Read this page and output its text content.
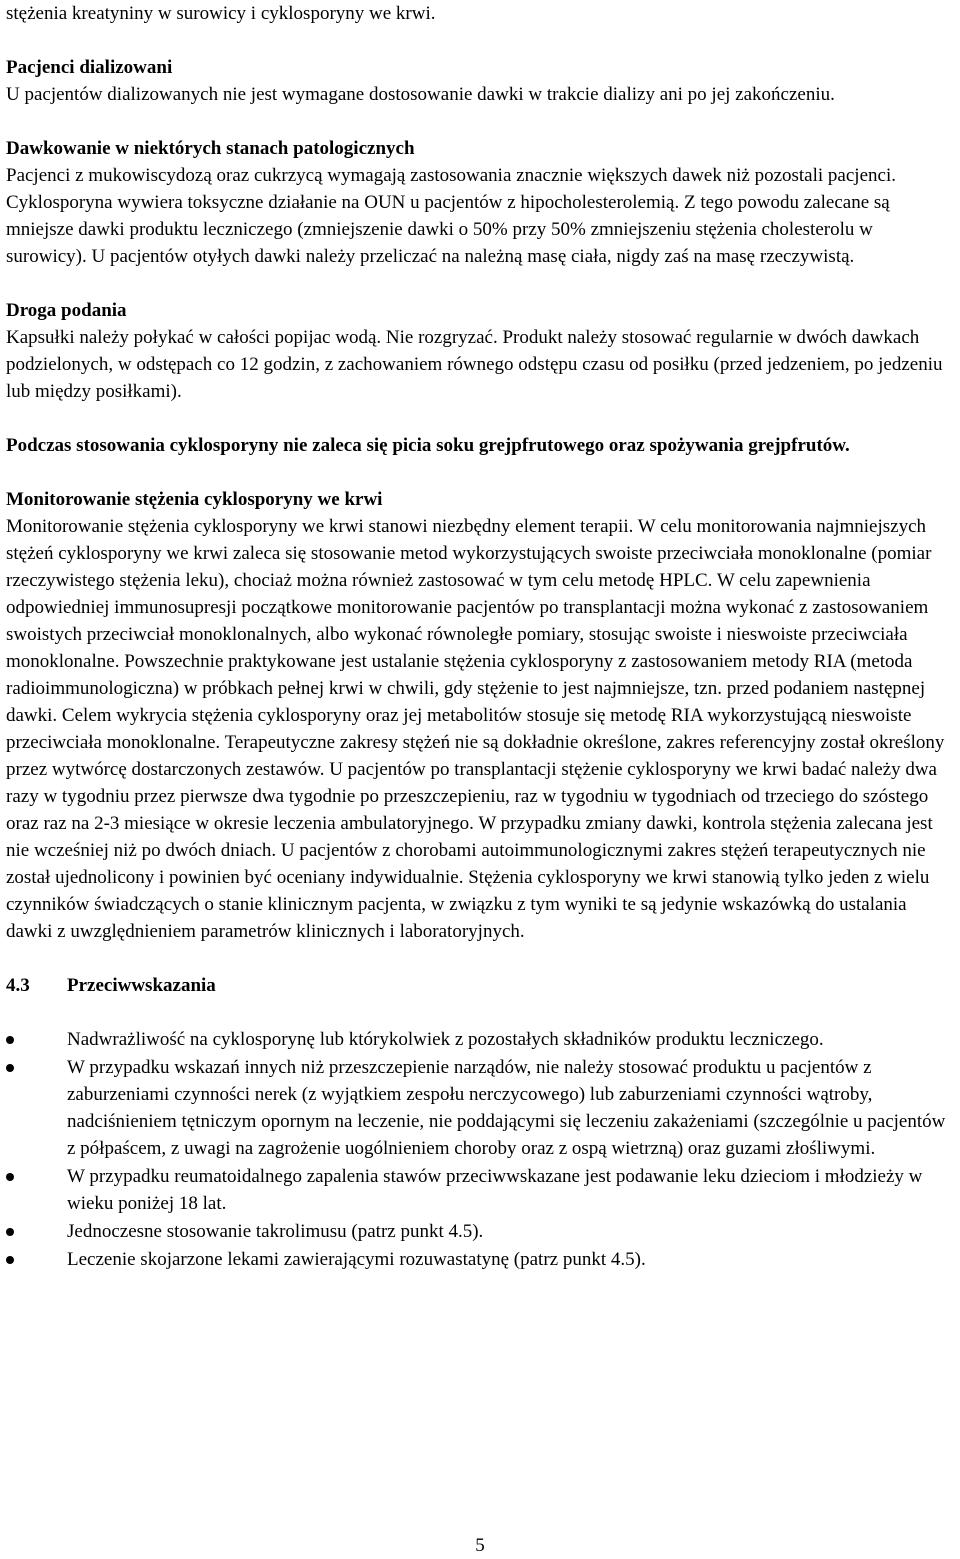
stężenia kreatyniny w surowicy i cyklosporyny we krwi.

Pacjenci dializowani

U pacjentów dializowanych nie jest wymagane dostosowanie dawki w trakcie dializy ani po jej zakończeniu.

Dawkowanie w niektórych stanach patologicznych

Pacjenci z mukowiscydozą oraz cukrzycą wymagają zastosowania znacznie większych dawek niż pozostali pacjenci.

Cyklosporyna wywiera toksyczne działanie na OUN u pacjentów z hipocholesterolemią. Z tego powodu zalecane są mniejsze dawki produktu leczniczego (zmniejszenie dawki o 50% przy 50% zmniejszeniu stężenia cholesterolu w surowicy). U pacjentów otyłych dawki należy przeliczać na należną masę ciała, nigdy zaś na masę rzeczywistą.

Droga podania

Kapsułki należy połykać w całości popijac wodą. Nie rozgryzać. Produkt należy stosować regularnie w dwóch dawkach podzielonych, w odstępach co 12 godzin, z zachowaniem równego odstępu czasu od posiłku (przed jedzeniem, po jedzeniu lub między posiłkami).

Podczas stosowania cyklosporyny nie zaleca się picia soku grejpfrutowego oraz spożywania grejpfrutów.

Monitorowanie stężenia cyklosporyny we krwi

Monitorowanie stężenia cyklosporyny we krwi stanowi niezbędny element terapii. W celu monitorowania najmniejszych stężeń cyklosporyny we krwi zaleca się stosowanie metod wykorzystujących swoiste przeciwciała monoklonalne (pomiar rzeczywistego stężenia leku), chociaż można również zastosować w tym celu metodę HPLC. W celu zapewnienia odpowiedniej immunosupresji początkowe monitorowanie pacjentów po transplantacji można wykonać z zastosowaniem swoistych przeciwciał monoklonalnych, albo wykonać równoległe pomiary, stosując swoiste i nieswoiste przeciwciała monoklonalne. Powszechnie praktykowane jest ustalanie stężenia cyklosporyny z zastosowaniem metody RIA (metoda radioimmunologiczna) w próbkach pełnej krwi w chwili, gdy stężenie to jest najmniejsze, tzn. przed podaniem następnej dawki. Celem wykrycia stężenia cyklosporyny oraz jej metabolitów stosuje się metodę RIA wykorzystującą nieswoiste przeciwciała monoklonalne. Terapeutyczne zakresy stężeń nie są dokładnie określone, zakres referencyjny został określony przez wytwórcę dostarczonych zestawów. U pacjentów po transplantacji stężenie cyklosporyny we krwi badać należy dwa razy w tygodniu przez pierwsze dwa tygodnie po przeszczepieniu, raz w tygodniu w tygodniach od trzeciego do szóstego oraz raz na 2-3 miesiące w okresie leczenia ambulatoryjnego. W przypadku zmiany dawki, kontrola stężenia zalecana jest nie wcześniej niż po dwóch dniach. U pacjentów z chorobami autoimmunologicznymi zakres stężeń terapeutycznych nie został ujednolicony i powinien być oceniany indywidualnie. Stężenia cyklosporyny we krwi stanowią tylko jeden z wielu czynników świadczących o stanie klinicznym pacjenta, w związku z tym wyniki te są jedynie wskazówką do ustalania dawki z uwzględnieniem parametrów klinicznych i laboratoryjnych.

4.3	Przeciwwskazania
Nadwrażliwość na cyklosporynę lub którykolwiek z pozostałych składników produktu leczniczego.
W przypadku wskazań innych niż przeszczepienie narządów, nie należy stosować produktu u pacjentów z zaburzeniami czynności nerek (z wyjątkiem zespołu nerczycowego) lub zaburzeniami czynności wątroby, nadciśnieniem tętniczym opornym na leczenie, nie poddającymi się leczeniu zakażeniami (szczególnie u pacjentów z półpaścem, z uwagi na zagrożenie uogólnieniem choroby oraz z ospą wietrzną) oraz guzami złośliwymi.
W przypadku reumatoidalnego zapalenia stawów przeciwwskazane jest podawanie leku dzieciom i młodzieży w wieku poniżej 18 lat.
Jednoczesne stosowanie takrolimusu (patrz punkt 4.5).
Leczenie skojarzone lekami zawierającymi rozuwastatynę (patrz punkt 4.5).
5
